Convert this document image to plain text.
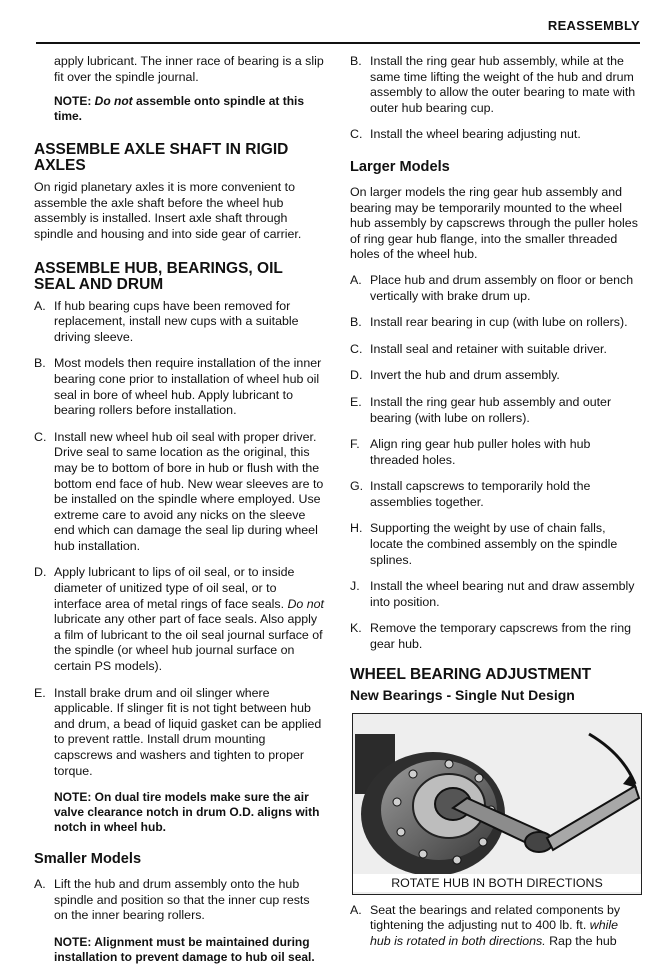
REASSEMBLY

apply lubricant. The inner race of bearing is a slip fit over the spindle journal.

NOTE: Do not assemble onto spindle at this time.

ASSEMBLE AXLE SHAFT IN RIGID AXLES

On rigid planetary axles it is more convenient to assemble the axle shaft before the wheel hub assembly is installed. Insert axle shaft through spindle and housing and into side gear of carrier.

ASSEMBLE HUB, BEARINGS, OIL SEAL AND DRUM
A. If hub bearing cups have been removed for replacement, install new cups with a suitable driving sleeve.
B. Most models then require installation of the inner bearing cone prior to installation of wheel hub oil seal in bore of wheel hub. Apply lubricant to bearing rollers before installation.
C. Install new wheel hub oil seal with proper driver. Drive seal to same location as the original, this may be to bottom of bore in hub or flush with the bottom end face of hub. New wear sleeves are to be installed on the spindle where employed. Use extreme care to avoid any nicks on the sleeve end which can damage the seal lip during wheel hub installation.
D. Apply lubricant to lips of oil seal, or to inside diameter of unitized type of oil seal, or to interface area of metal rings of face seals. Do not lubricate any other part of face seals. Also apply a film of lubricant to the oil seal journal surface of the spindle (or wheel hub journal surface on certain PS models).
E. Install brake drum and oil slinger where applicable. If slinger fit is not tight between hub and drum, a bead of liquid gasket can be applied to prevent rattle. Install drum mounting capscrews and washers and tighten to proper torque.
NOTE: On dual tire models make sure the air valve clearance notch in drum O.D. aligns with notch in wheel hub.
Smaller Models
A. Lift the hub and drum assembly onto the hub spindle and position so that the inner cup rests on the inner bearing rollers.
NOTE: Alignment must be maintained during installation to prevent damage to hub oil seal.
B. Install the ring gear hub assembly, while at the same time lifting the weight of the hub and drum assembly to allow the outer bearing to mate with outer hub bearing cup.
C. Install the wheel bearing adjusting nut.
Larger Models

On larger models the ring gear hub assembly and bearing may be temporarily mounted to the wheel hub assembly by capscrews through the puller holes of ring gear hub flange, into the smaller threaded holes of the wheel hub.

A. Place hub and drum assembly on floor or bench vertically with brake drum up.
B. Install rear bearing in cup (with lube on rollers).
C. Install seal and retainer with suitable driver.
D. Invert the hub and drum assembly.
E. Install the ring gear hub assembly and outer bearing (with lube on rollers).
F. Align ring gear hub puller holes with hub threaded holes.
G. Install capscrews to temporarily hold the assemblies together.
H. Supporting the weight by use of chain falls, locate the combined assembly on the spindle splines.
J. Install the wheel bearing nut and draw assembly into position.
K. Remove the temporary capscrews from the ring gear hub.
WHEEL BEARING ADJUSTMENT
New Bearings - Single Nut Design
ROTATE HUB IN BOTH DIRECTIONS
A. Seat the bearings and related components by tightening the adjusting nut to 400 lb. ft. while hub is rotated in both directions. Rap the hub
